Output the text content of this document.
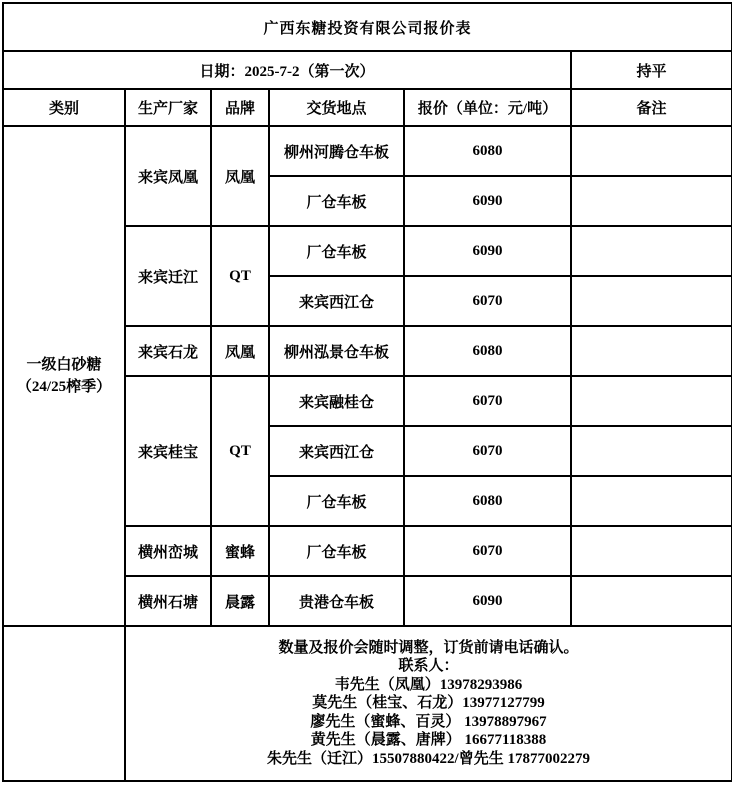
广西东糖投资有限公司报价表					
日期：2025-7-2（第一次）					持平
类别	生产厂家	品牌	交货地点	报价（单位：元/吨）	备注

一级白砂糖
（24/25榨季）	来宾凤凰	凤凰	柳州河腾仓车板	6080	
			厂仓车板	6090	
	来宾迁江	QT	厂仓车板	6090	
			来宾西江仓	6070	
	来宾石龙	凤凰	柳州泓景仓车板	6080	
	来宾桂宝	QT	来宾融桂仓	6070	
			来宾西江仓	6070	
			厂仓车板	6080	
	横州峦城	蜜蜂	厂仓车板	6070	
	横州石塘	晨露	贵港仓车板	6090	

数量及报价会随时调整，订货前请电话确认。
联系人：
韦先生（凤凰）13978293986
莫先生（桂宝、石龙）13977127799
廖先生（蜜蜂、百灵） 13978897967
黄先生（晨露、唐牌） 16677118388
朱先生（迁江）15507880422/曾先生 17877002279
